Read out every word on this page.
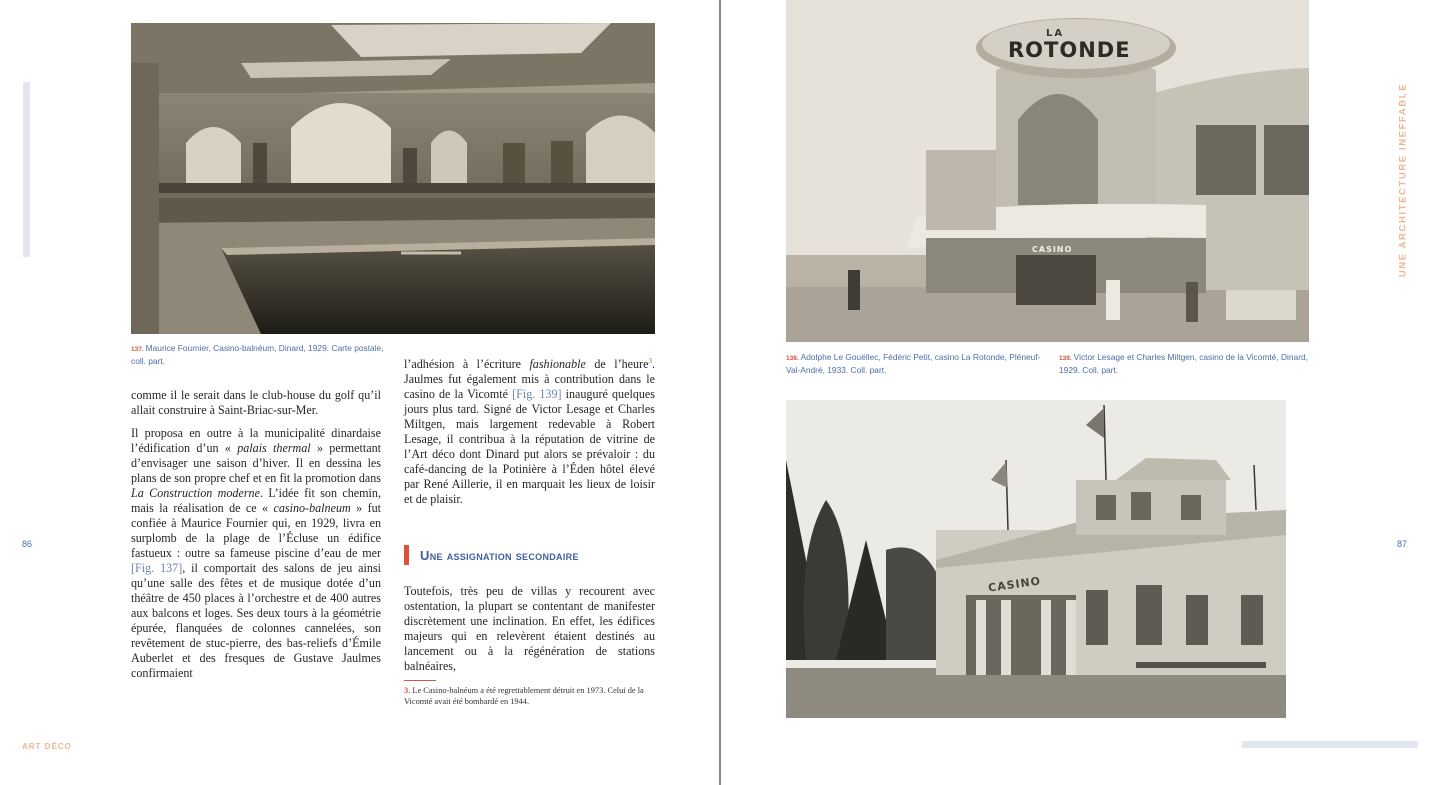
137. Maurice Fournier, Casino-balnéum, Dinard, 1929. Carte postale, coll. part.

comme il le serait dans le club-house du golf qu’il allait construire à Saint-Briac-sur-Mer.

Il proposa en outre à la municipalité dinardaise l’édification d’un « palais thermal » permettant d’envisager une saison d’hiver. Il en dessina les plans de son propre chef et en fit la promotion dans La Construction moderne. L’idée fit son chemin, mais la réalisation de ce « casino-balneum » fut confiée à Maurice Fournier qui, en 1929, livra en surplomb de la plage de l’Écluse un édifice fastueux : outre sa fameuse piscine d’eau de mer [Fig. 137], il comportait des salons de jeu ainsi qu’une salle des fêtes et de musique dotée d’un théâtre de 450 places à l’orchestre et de 400 autres aux balcons et loges. Ses deux tours à la géométrie épurée, flanquées de colonnes cannelées, son revêtement de stuc-pierre, des bas-reliefs d’Émile Auberlet et des fresques de Gustave Jaulmes confirmaient

l’adhésion à l’écriture fashionable de l’heure$^3$. Jaulmes fut également mis à contribution dans le casino de la Vicomté [Fig. 139] inauguré quelques jours plus tard. Signé de Victor Lesage et Charles Miltgen, mais largement redevable à Robert Lesage, il contribua à la réputation de vitrine de l’Art déco dont Dinard put alors se prévaloir : du café-dancing de la Potinière à l’Éden hôtel élevé par René Aillerie, il en marquait les lieux de loisir et de plaisir.

Une assignation secondaire

Toutefois, très peu de villas y recourent avec ostentation, la plupart se contentant de manifester discrètement une inclination. En effet, les édifices majeurs qui en relevèrent étaient destinés au lancement ou à la régénération de stations balnéaires,

3. Le Casino-balnéum a été regrettablement détruit en 1973. Celui de la Vicomté avait été bombardé en 1944.
86
ART DÉCO
LA
ROTONDE
CASINO
138. Adolphe Le Gouëllec, Fédéric Petit, casino La Rotonde, Pléneuf-Val-André, 1933. Coll. part.
139. Victor Lesage et Charles Miltgen, casino de la Vicomté, Dinard, 1929. Coll. part.
CASINO
UNE ARCHITECTURE INEFFABLE
87
